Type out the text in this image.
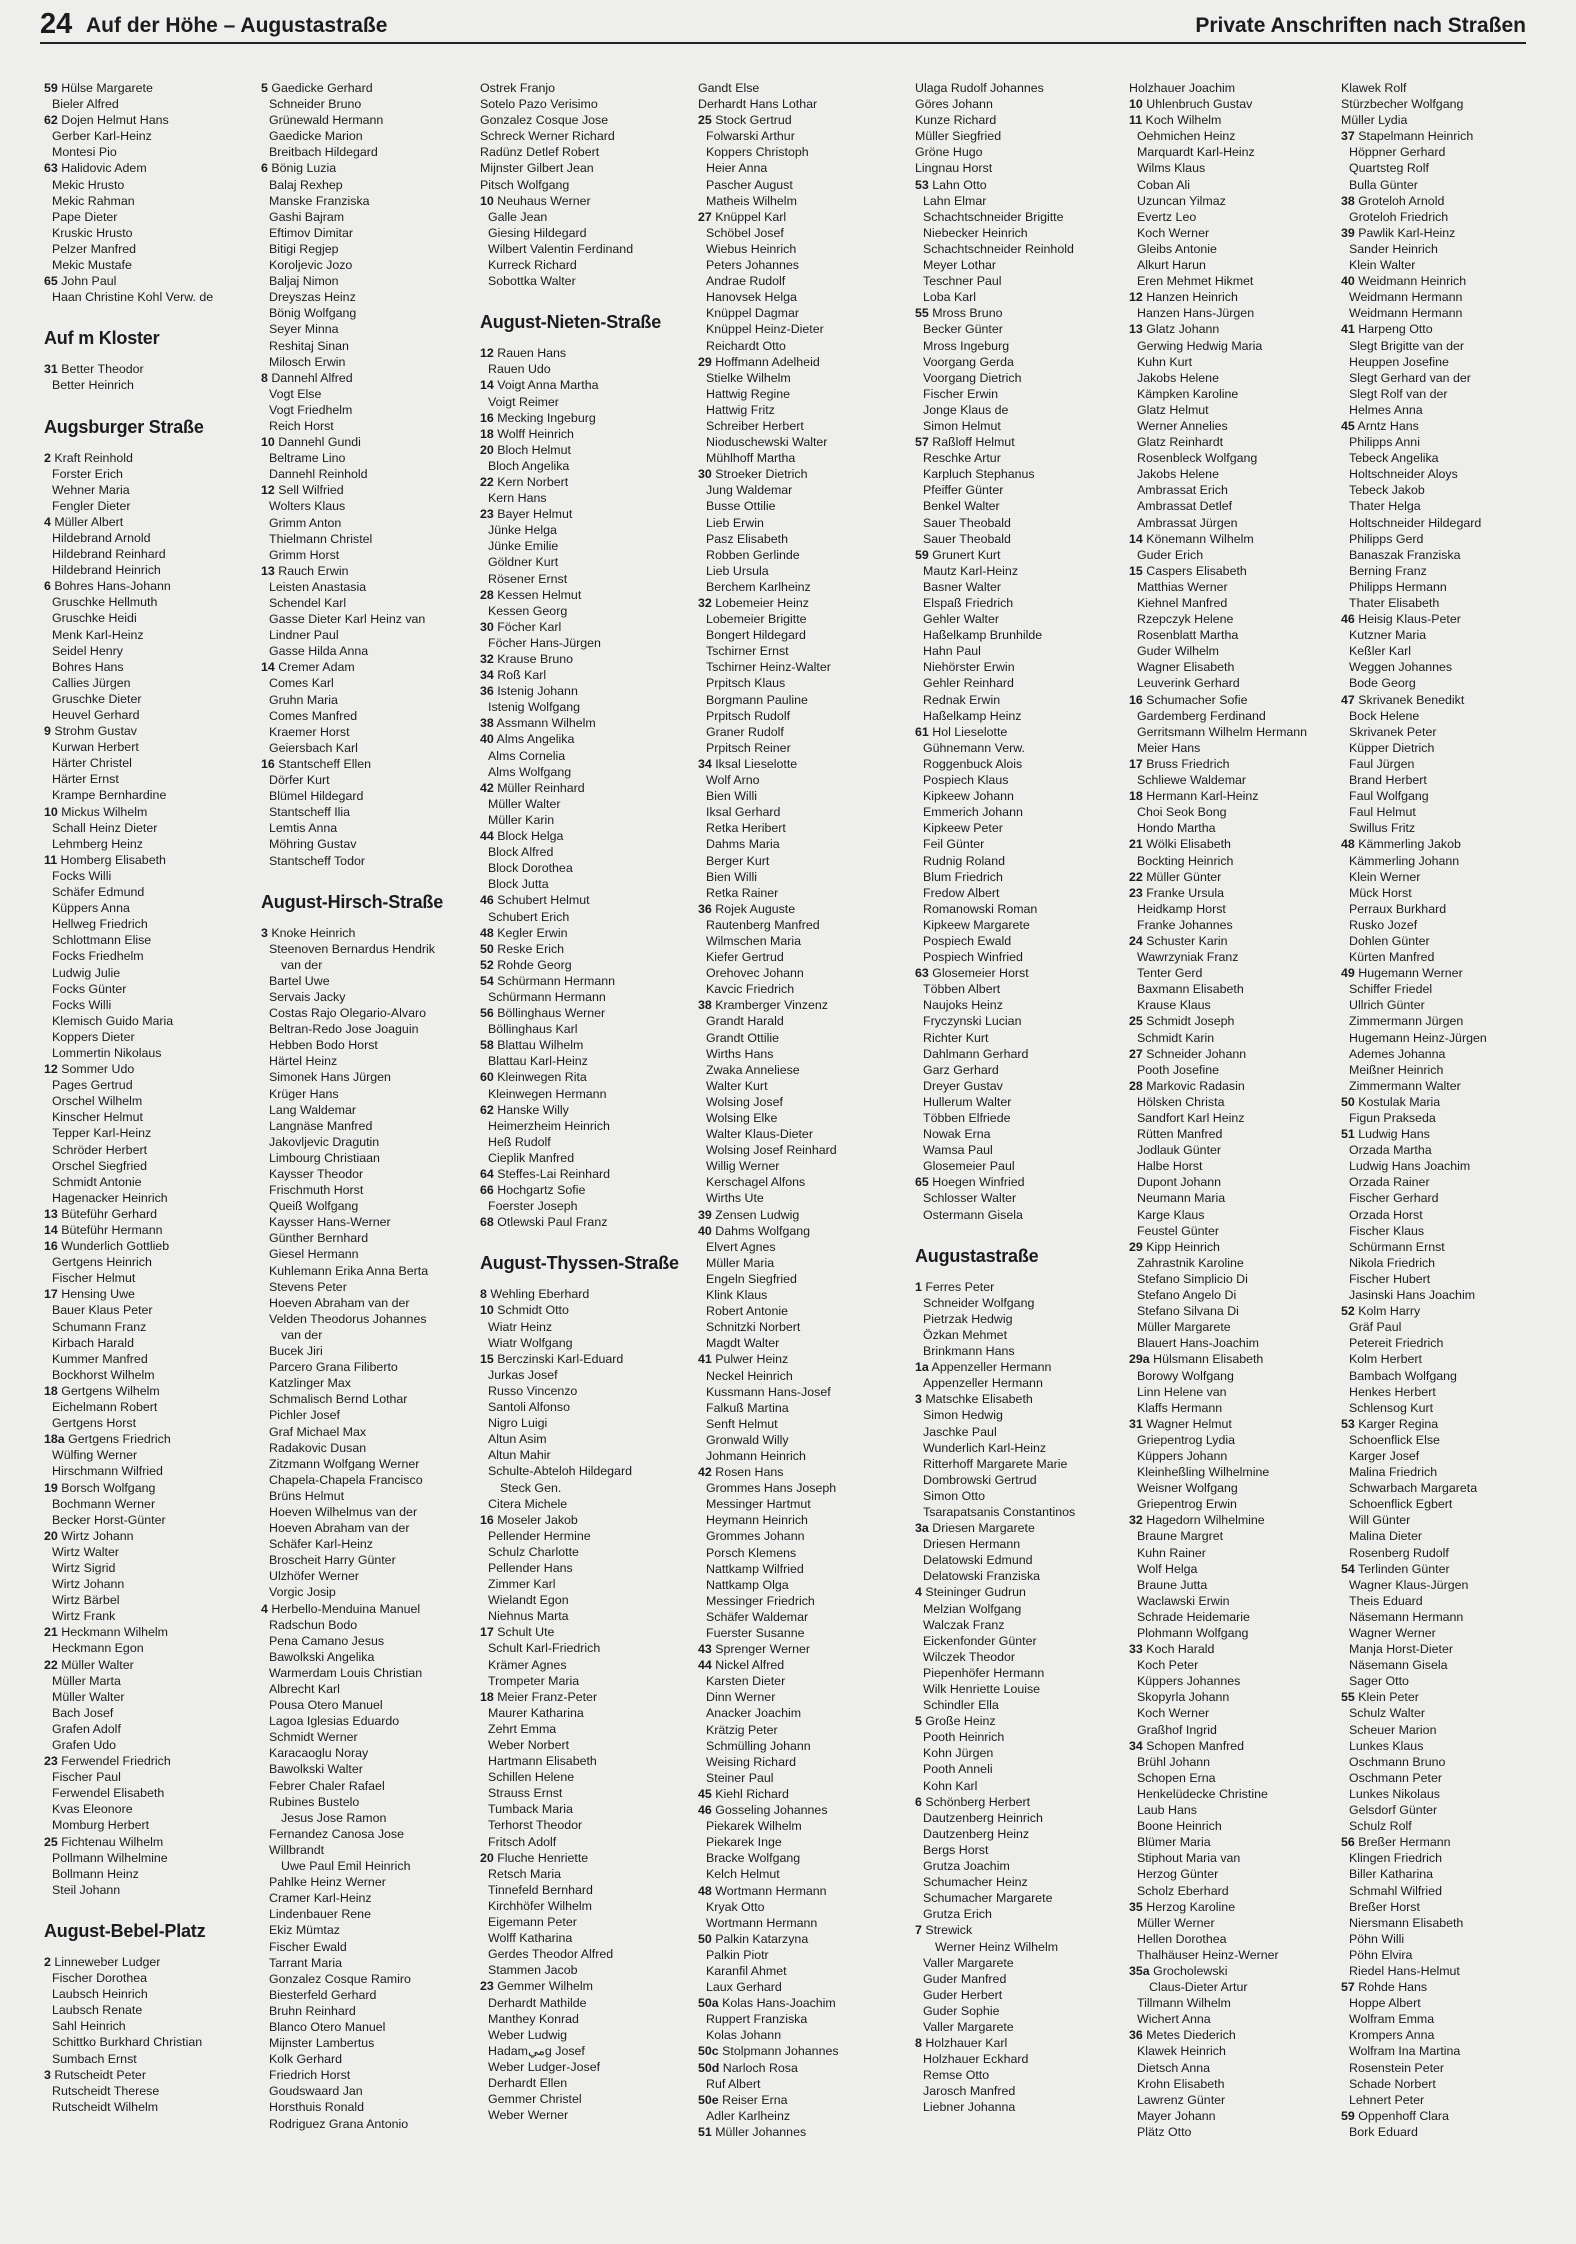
24 Auf der Höhe – Augustastraße	Private Anschriften nach Straßen
59 Hülse Margarete
Bieler Alfred
62 Dojen Helmut Hans
Gerber Karl-Heinz
Montesi Pio
63 Halidovic Adem
Mekic Hrusto
Mekic Rahman
Pape Dieter
Kruskic Hrusto
Pelzer Manfred
Mekic Mustafe
65 John Paul
Haan Christine Kohl Verw. de
Auf m Kloster
31 Better Theodor
Better Heinrich
Augsburger Straße
2 Kraft Reinhold
Forster Erich
Wehner Maria
Fengler Dieter
4 Müller Albert
Hildebrand Arnold
Hildebrand Reinhard
Hildebrand Heinrich
6 Bohres Hans-Johann
Gruschke Hellmuth
Gruschke Heidi
Menk Karl-Heinz
Seidel Henry
Bohres Hans
Callies Jürgen
Gruschke Dieter
Heuvel Gerhard
9 Strohm Gustav
Kurwan Herbert
Härter Christel
Härter Ernst
Krampe Bernhardine
10 Mickus Wilhelm
Schall Heinz Dieter
Lehmberg Heinz
11 Homberg Elisabeth
Focks Willi
Schäfer Edmund
Küppers Anna
Hellweg Friedrich
Schlottmann Elise
Focks Friedhelm
Ludwig Julie
Focks Günter
Focks Willi
Klemisch Guido Maria
Koppers Dieter
Lommertin Nikolaus
12 Sommer Udo
Pages Gertrud
Orschel Wilhelm
Kinscher Helmut
Tepper Karl-Heinz
Schröder Herbert
Orschel Siegfried
Schmidt Antonie
Hagenacker Heinrich
13 Büteführ Gerhard
14 Büteführ Hermann
16 Wunderlich Gottlieb
Gertgens Heinrich
Fischer Helmut
17 Hensing Uwe
Bauer Klaus Peter
Schumann Franz
Kirbach Harald
Kummer Manfred
Bockhorst Wilhelm
18 Gertgens Wilhelm
Eichelmann Robert
Gertgens Horst
18a Gertgens Friedrich
Wülfing Werner
Hirschmann Wilfried
19 Borsch Wolfgang
Bochmann Werner
Becker Horst-Günter
20 Wirtz Johann
Wirtz Walter
Wirtz Sigrid
Wirtz Johann
Wirtz Bärbel
Wirtz Frank
21 Heckmann Wilhelm
Heckmann Egon
22 Müller Walter
Müller Marta
Müller Walter
Bach Josef
Grafen Adolf
Grafen Udo
23 Ferwendel Friedrich
Fischer Paul
Ferwendel Elisabeth
Kvas Eleonore
Momburg Herbert
25 Fichtenau Wilhelm
Pollmann Wilhelmine
Bollmann Heinz
Steil Johann
August-Bebel-Platz
2 Linneweber Ludger
Fischer Dorothea
Laubsch Heinrich
Laubsch Renate
Sahl Heinrich
Schittko Burkhard Christian
Sumbach Ernst
3 Rutscheidt Peter
Rutscheidt Therese
Rutscheidt Wilhelm
5 Gaedicke Gerhard
Schneider Bruno
Grünewald Hermann
Gaedicke Marion
Breitbach Hildegard
6 Bönig Luzia
Balaj Rexhep
Manske Franziska
Gashi Bajram
Eftimov Dimitar
Bitigi Regjep
Koroljevic Jozo
Baljaj Nimon
Dreyszas Heinz
Bönig Wolfgang
Seyer Minna
Reshitaj Sinan
Milosch Erwin
8 Dannehl Alfred
Vogt Else
Vogt Friedhelm
Reich Horst
10 Dannehl Gundi
Beltrame Lino
Dannehl Reinhold
12 Sell Wilfried
Wolters Klaus
Grimm Anton
Thielmann Christel
Grimm Horst
13 Rauch Erwin
Leisten Anastasia
Schendel Karl
Gasse Dieter Karl Heinz van
Lindner Paul
Gasse Hilda Anna
14 Cremer Adam
Comes Karl
Gruhn Maria
Comes Manfred
Kraemer Horst
Geiersbach Karl
16 Stantscheff Ellen
Dörfer Kurt
Blümel Hildegard
Stantscheff Ilia
Lemtis Anna
Möhring Gustav
Stantscheff Todor
August-Hirsch-Straße
3 Knoke Heinrich
Steenoven Bernardus Hendrik
van der
Bartel Uwe
Servais Jacky
Costas Rajo Olegario-Alvaro
Beltran-Redo Jose Joaguin
Hebben Bodo Horst
Härtel Heinz
Simonek Hans Jürgen
Krüger Hans
Lang Waldemar
Langnäse Manfred
Jakovljevic Dragutin
Limbourg Christiaan
Kaysser Theodor
Frischmuth Horst
Queiß Wolfgang
Kaysser Hans-Werner
Günther Bernhard
Giesel Hermann
Kuhlemann Erika Anna Berta
Stevens Peter
Hoeven Abraham van der
Velden Theodorus Johannes
van der
Bucek Jiri
Parcero Grana Filiberto
Katzlinger Max
Schmalisch Bernd Lothar
Pichler Josef
Graf Michael Max
Radakovic Dusan
Zitzmann Wolfgang Werner
Chapela-Chapela Francisco
Brüns Helmut
Hoeven Wilhelmus van der
Hoeven Abraham van der
Schäfer Karl-Heinz
Broscheit Harry Günter
Ulzhöfer Werner
Vorgic Josip
4 Herbello-Menduina Manuel
Radschun Bodo
Pena Camano Jesus
Bawolkski Angelika
Warmerdam Louis Christian
Albrecht Karl
Pousa Otero Manuel
Lagoa Iglesias Eduardo
Schmidt Werner
Karacaoglu Noray
Bawolkski Walter
Febrer Chaler Rafael
Rubines Bustelo
Jesus Jose Ramon
Fernandez Canosa Jose
Willbrandt
Uwe Paul Emil Heinrich
Pahlke Heinz Werner
Cramer Karl-Heinz
Lindenbauer Rene
Ekiz Mümtaz
Fischer Ewald
Tarrant Maria
Gonzalez Cosque Ramiro
Biesterfeld Gerhard
Bruhn Reinhard
Blanco Otero Manuel
Mijnster Lambertus
Kolk Gerhard
Friedrich Horst
Goudswaard Jan
Horsthuis Ronald
Rodriguez Grana Antonio
Ostrek Franjo
Sotelo Pazo Verisimo
Gonzalez Cosque Jose
Schreck Werner Richard
Radünz Detlef Robert
Mijnster Gilbert Jean
Pitsch Wolfgang
10 Neuhaus Werner
Galle Jean
Giesing Hildegard
Wilbert Valentin Ferdinand
Kurreck Richard
Sobottka Walter
August-Nieten-Straße
12 Rauen Hans
Rauen Udo
14 Voigt Anna Martha
Voigt Reimer
16 Mecking Ingeburg
18 Wolff Heinrich
20 Bloch Helmut
Bloch Angelika
22 Kern Norbert
Kern Hans
23 Bayer Helmut
Jünke Helga
Jünke Emilie
Göldner Kurt
Rösener Ernst
28 Kessen Helmut
Kessen Georg
30 Föcher Karl
Föcher Hans-Jürgen
32 Krause Bruno
34 Roß Karl
36 Istenig Johann
Istenig Wolfgang
38 Assmann Wilhelm
40 Alms Angelika
Alms Cornelia
Alms Wolfgang
42 Müller Reinhard
Müller Walter
Müller Karin
44 Block Helga
Block Alfred
Block Dorothea
Block Jutta
46 Schubert Helmut
Schubert Erich
48 Kegler Erwin
50 Reske Erich
52 Rohde Georg
54 Schürmann Hermann
Schürmann Hermann
56 Böllinghaus Werner
Böllinghaus Karl
58 Blattau Wilhelm
Blattau Karl-Heinz
60 Kleinwegen Rita
Kleinwegen Hermann
62 Hanske Willy
Heimerzheim Heinrich
Heß Rudolf
Cieplik Manfred
64 Steffes-Lai Reinhard
66 Hochgartz Sofie
Foerster Joseph
68 Otlewski Paul Franz
August-Thyssen-Straße
8 Wehling Eberhard
10 Schmidt Otto
Wiatr Heinz
Wiatr Wolfgang
15 Berczinski Karl-Eduard
Jurkas Josef
Russo Vincenzo
Santoli Alfonso
Nigro Luigi
Altun Asim
Altun Mahir
Schulte-Abteloh Hildegard
Steck Gen.
Citera Michele
16 Moseler Jakob
Pellender Hermine
Schulz Charlotte
Pellender Hans
Zimmer Karl
Wielandt Egon
Niehnus Marta
17 Schult Ute
Schult Karl-Friedrich
Krämer Agnes
Trompeter Maria
18 Meier Franz-Peter
Maurer Katharina
Zehrt Emma
Weber Norbert
Hartmann Elisabeth
Schillen Helene
Strauss Ernst
Tumback Maria
Terhorst Theodor
Fritsch Adolf
20 Fluche Henriette
Retsch Maria
Tinnefeld Bernhard
Kirchhöfer Wilhelm
Eigemann Peter
Wolff Katharina
Gerdes Theodor Alfred
Stammen Jacob
23 Gemmer Wilhelm
Derhardt Mathilde
Manthey Konrad
Weber Ludwig
Hadamميg Josef
Weber Ludger-Josef
Derhardt Ellen
Gemmer Christel
Weber Werner
Gandt Else
Derhardt Hans Lothar
25 Stock Gertrud
Folwarski Arthur
Koppers Christoph
Heier Anna
Pascher August
Matheis Wilhelm
27 Knüppel Karl
Schöbel Josef
Wiebus Heinrich
Peters Johannes
Andrae Rudolf
Hanovsek Helga
Knüppel Dagmar
Knüppel Heinz-Dieter
Reichardt Otto
29 Hoffmann Adelheid
Stielke Wilhelm
Hattwig Regine
Hattwig Fritz
Schreiber Herbert
Nioduschewski Walter
Mühlhoff Martha
30 Stroeker Dietrich
Jung Waldemar
Busse Ottilie
Lieb Erwin
Pasz Elisabeth
Robben Gerlinde
Lieb Ursula
Berchem Karlheinz
32 Lobemeier Heinz
Lobemeier Brigitte
Bongert Hildegard
Tschirner Ernst
Tschirner Heinz-Walter
Prpitsch Klaus
Borgmann Pauline
Prpitsch Rudolf
Graner Rudolf
Prpitsch Reiner
34 Iksal Lieselotte
Wolf Arno
Bien Willi
Iksal Gerhard
Retka Heribert
Dahms Maria
Berger Kurt
Bien Willi
Retka Rainer
36 Rojek Auguste
Rautenberg Manfred
Wilmschen Maria
Kiefer Gertrud
Orehovec Johann
Kavcic Friedrich
38 Kramberger Vinzenz
Grandt Harald
Grandt Ottilie
Wirths Hans
Zwaka Anneliese
Walter Kurt
Wolsing Josef
Wolsing Elke
Walter Klaus-Dieter
Wolsing Josef Reinhard
Willig Werner
Kerschagel Alfons
Wirths Ute
39 Zensen Ludwig
40 Dahms Wolfgang
Elvert Agnes
Müller Maria
Engeln Siegfried
Klink Klaus
Robert Antonie
Schnitzki Norbert
Magdt Walter
41 Pulwer Heinz
Neckel Heinrich
Kussmann Hans-Josef
Falkuß Martina
Senft Helmut
Gronwald Willy
Johmann Heinrich
42 Rosen Hans
Grommes Hans Joseph
Messinger Hartmut
Heymann Heinrich
Grommes Johann
Porsch Klemens
Nattkamp Wilfried
Nattkamp Olga
Messinger Friedrich
Schäfer Waldemar
Fuerster Susanne
43 Sprenger Werner
44 Nickel Alfred
Karsten Dieter
Dinn Werner
Anacker Joachim
Krätzig Peter
Schmülling Johann
Weising Richard
Steiner Paul
45 Kiehl Richard
46 Gosseling Johannes
Piekarek Wilhelm
Piekarek Inge
Bracke Wolfgang
Kelch Helmut
48 Wortmann Hermann
Kryak Otto
Wortmann Hermann
50 Palkin Katarzyna
Palkin Piotr
Karanfil Ahmet
Laux Gerhard
50a Kolas Hans-Joachim
Ruppert Franziska
Kolas Johann
50c Stolpmann Johannes
50d Narloch Rosa
Ruf Albert
50e Reiser Erna
Adler Karlheinz
51 Müller Johannes
Ulaga Rudolf Johannes
Göres Johann
Kunze Richard
Müller Siegfried
Gröne Hugo
Lingnau Horst
53 Lahn Otto
Lahn Elmar
Schachtschneider Brigitte
Niebecker Heinrich
Schachtschneider Reinhold
Meyer Lothar
Teschner Paul
Loba Karl
55 Mross Bruno
Becker Günter
Mross Ingeburg
Voorgang Gerda
Voorgang Dietrich
Fischer Erwin
Jonge Klaus de
Simon Helmut
57 Raßloff Helmut
Reschke Artur
Karpluch Stephanus
Pfeiffer Günter
Benkel Walter
Sauer Theobald
Sauer Theobald
59 Grunert Kurt
Mautz Karl-Heinz
Basner Walter
Elspaß Friedrich
Gehler Walter
Haßelkamp Brunhilde
Hahn Paul
Niehörster Erwin
Gehler Reinhard
Rednak Erwin
Haßelkamp Heinz
61 Hol Lieselotte
Gühnemann Verw.
Roggenbuck Alois
Pospiech Klaus
Kipkeew Johann
Emmerich Johann
Kipkeew Peter
Feil Günter
Rudnig Roland
Blum Friedrich
Fredow Albert
Romanowski Roman
Kipkeew Margarete
Pospiech Ewald
Pospiech Winfried
63 Glosemeier Horst
Többen Albert
Naujoks Heinz
Fryczynski Lucian
Richter Kurt
Dahlmann Gerhard
Garz Gerhard
Dreyer Gustav
Hullerum Walter
Többen Elfriede
Nowak Erna
Wamsa Paul
Glosemeier Paul
65 Hoegen Winfried
Schlosser Walter
Ostermann Gisela
Augustastraße
1 Ferres Peter
Schneider Wolfgang
Pietrzak Hedwig
Özkan Mehmet
Brinkmann Hans
1a Appenzeller Hermann
Appenzeller Hermann
3 Matschke Elisabeth
Simon Hedwig
Jaschke Paul
Wunderlich Karl-Heinz
Ritterhoff Margarete Marie
Dombrowski Gertrud
Simon Otto
Tsarapatsanis Constantinos
3a Driesen Margarete
Driesen Hermann
Delatowski Edmund
Delatowski Franziska
4 Steininger Gudrun
Melzian Wolfgang
Walczak Franz
Eickenfonder Günter
Wilczek Theodor
Piepenhöfer Hermann
Wilk Henriette Louise
Schindler Ella
5 Große Heinz
Pooth Heinrich
Kohn Jürgen
Pooth Anneli
Kohn Karl
6 Schönberg Herbert
Dautzenberg Heinrich
Dautzenberg Heinz
Bergs Horst
Grutza Joachim
Schumacher Heinz
Schumacher Margarete
Grutza Erich
7 Strewick
Werner Heinz Wilhelm
Valler Margarete
Guder Manfred
Guder Herbert
Guder Sophie
Valler Margarete
8 Holzhauer Karl
Holzhauer Eckhard
Remse Otto
Jarosch Manfred
Liebner Johanna
Holzhauer Joachim
10 Uhlenbruch Gustav
11 Koch Wilhelm
Oehmichen Heinz
Marquardt Karl-Heinz
Wilms Klaus
Coban Ali
Uzuncan Yilmaz
Evertz Leo
Koch Werner
Gleibs Antonie
Alkurt Harun
Eren Mehmet Hikmet
12 Hanzen Heinrich
Hanzen Hans-Jürgen
13 Glatz Johann
Gerwing Hedwig Maria
Kuhn Kurt
Jakobs Helene
Kämpken Karoline
Glatz Helmut
Werner Annelies
Glatz Reinhardt
Rosenbleck Wolfgang
Jakobs Helene
Ambrassat Erich
Ambrassat Detlef
Ambrassat Jürgen
14 Könemann Wilhelm
Guder Erich
15 Caspers Elisabeth
Matthias Werner
Kiehnel Manfred
Rzepczyk Helene
Rosenblatt Martha
Guder Wilhelm
Wagner Elisabeth
Leuverink Gerhard
16 Schumacher Sofie
Gardemberg Ferdinand
Gerritsmann Wilhelm Hermann
Meier Hans
17 Bruss Friedrich
Schliewe Waldemar
18 Hermann Karl-Heinz
Choi Seok Bong
Hondo Martha
21 Wölki Elisabeth
Bockting Heinrich
22 Müller Günter
23 Franke Ursula
Heidkamp Horst
Franke Johannes
24 Schuster Karin
Wawrzyniak Franz
Tenter Gerd
Baxmann Elisabeth
Krause Klaus
25 Schmidt Joseph
Schmidt Karin
27 Schneider Johann
Pooth Josefine
28 Markovic Radasin
Hölsken Christa
Sandfort Karl Heinz
Rütten Manfred
Jodlauk Günter
Halbe Horst
Dupont Johann
Neumann Maria
Karge Klaus
Feustel Günter
29 Kipp Heinrich
Zahrastnik Karoline
Stefano Simplicio Di
Stefano Angelo Di
Stefano Silvana Di
Müller Margarete
Blauert Hans-Joachim
29a Hülsmann Elisabeth
Borowy Wolfgang
Linn Helene van
Klaffs Hermann
31 Wagner Helmut
Griepentrog Lydia
Küppers Johann
Kleinheßling Wilhelmine
Weisner Wolfgang
Griepentrog Erwin
32 Hagedorn Wilhelmine
Braune Margret
Kuhn Rainer
Wolf Helga
Braune Jutta
Waclawski Erwin
Schrade Heidemarie
Plohmann Wolfgang
33 Koch Harald
Koch Peter
Küppers Johannes
Skopyrla Johann
Koch Werner
Graßhof Ingrid
34 Schopen Manfred
Brühl Johann
Schopen Erna
Henkelüdecke Christine
Laub Hans
Boone Heinrich
Blümer Maria
Stiphout Maria van
Herzog Günter
Scholz Eberhard
35 Herzog Karoline
Müller Werner
Hellen Dorothea
Thalhäuser Heinz-Werner
35a Grocholewski
Claus-Dieter Artur
Tillmann Wilhelm
Wichert Anna
36 Metes Diederich
Klawek Heinrich
Dietsch Anna
Krohn Elisabeth
Lawrenz Günter
Mayer Johann
Plätz Otto
Klawek Rolf
Stürzbecher Wolfgang
Müller Lydia
37 Stapelmann Heinrich
Höppner Gerhard
Quartsteg Rolf
Bulla Günter
38 Groteloh Arnold
Groteloh Friedrich
39 Pawlik Karl-Heinz
Sander Heinrich
Klein Walter
40 Weidmann Heinrich
Weidmann Hermann
Weidmann Hermann
41 Harpeng Otto
Slegt Brigitte van der
Heuppen Josefine
Slegt Gerhard van der
Slegt Rolf van der
Helmes Anna
45 Arntz Hans
Philipps Anni
Tebeck Angelika
Holtschneider Aloys
Tebeck Jakob
Thater Helga
Holtschneider Hildegard
Philipps Gerd
Banaszak Franziska
Berning Franz
Philipps Hermann
Thater Elisabeth
46 Heisig Klaus-Peter
Kutzner Maria
Keßler Karl
Weggen Johannes
Bode Georg
47 Skrivanek Benedikt
Bock Helene
Skrivanek Peter
Küpper Dietrich
Faul Jürgen
Brand Herbert
Faul Wolfgang
Faul Helmut
Swillus Fritz
48 Kämmerling Jakob
Kämmerling Johann
Klein Werner
Mück Horst
Perraux Burkhard
Rusko Jozef
Dohlen Günter
Kürten Manfred
49 Hugemann Werner
Schiffer Friedel
Ullrich Günter
Zimmermann Jürgen
Hugemann Heinz-Jürgen
Ademes Johanna
Meißner Heinrich
Zimmermann Walter
50 Kostulak Maria
Figun Prakseda
51 Ludwig Hans
Orzada Martha
Ludwig Hans Joachim
Orzada Rainer
Fischer Gerhard
Orzada Horst
Fischer Klaus
Schürmann Ernst
Nikola Friedrich
Fischer Hubert
Jasinski Hans Joachim
52 Kolm Harry
Gräf Paul
Petereit Friedrich
Kolm Herbert
Bambach Wolfgang
Henkes Herbert
Schlensog Kurt
53 Karger Regina
Schoenflick Else
Karger Josef
Malina Friedrich
Schwarbach Margareta
Schoenflick Egbert
Will Günter
Malina Dieter
Rosenberg Rudolf
54 Terlinden Günter
Wagner Klaus-Jürgen
Theis Eduard
Näsemann Hermann
Wagner Werner
Manja Horst-Dieter
Näsemann Gisela
Sager Otto
55 Klein Peter
Schulz Walter
Scheuer Marion
Lunkes Klaus
Oschmann Bruno
Oschmann Peter
Lunkes Nikolaus
Gelsdorf Günter
Schulz Rolf
56 Breßer Hermann
Klingen Friedrich
Biller Katharina
Schmahl Wilfried
Breßer Horst
Niersmann Elisabeth
Pöhn Willi
Pöhn Elvira
Riedel Hans-Helmut
57 Rohde Hans
Hoppe Albert
Wolfram Emma
Krompers Anna
Wolfram Ina Martina
Rosenstein Peter
Schade Norbert
Lehnert Peter
59 Oppenhoff Clara
Bork Eduard
